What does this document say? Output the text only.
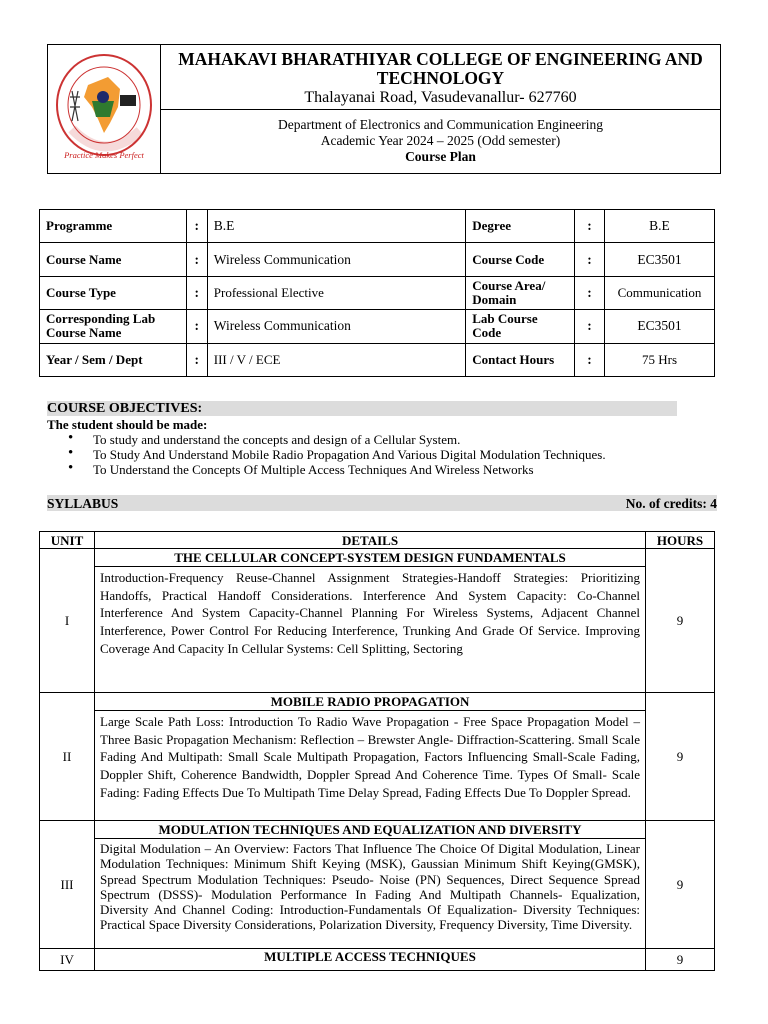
Practice Makes Perfect
MAHAKAVI BHARATHIYAR COLLEGE OF ENGINEERING AND TECHNOLOGY
Thalayanai Road, Vasudevanallur- 627760
Department of Electronics and Communication Engineering
Academic Year 2024 – 2025 (Odd semester)
Course Plan
Programme	:	B.E	Degree	:	B.E
Course Name	:	Wireless Communication	Course Code	:	EC3501
Course Type	:	Professional Elective	Course Area/ Domain	:	Communication
Corresponding Lab Course Name	:	Wireless Communication	Lab Course Code	:	EC3501
Year / Sem / Dept	:	III / V / ECE	Contact Hours	:	75 Hrs
COURSE OBJECTIVES:
The student should be made:
• To study and understand the concepts and design of a Cellular System.
• To Study And Understand Mobile Radio Propagation And Various Digital Modulation Techniques.
• To Understand the Concepts Of Multiple Access Techniques And Wireless Networks
SYLLABUS	No. of credits: 4
UNIT	DETAILS	HOURS
I	THE CELLULAR CONCEPT-SYSTEM DESIGN FUNDAMENTALS	9
	Introduction-Frequency Reuse-Channel Assignment Strategies-Handoff Strategies: Prioritizing Handoffs, Practical Handoff Considerations. Interference And System Capacity: Co-Channel Interference And System Capacity-Channel Planning For Wireless Systems, Adjacent Channel Interference, Power Control For Reducing Interference, Trunking And Grade Of Service. Improving Coverage And Capacity In Cellular Systems: Cell Splitting, Sectoring	
II	MOBILE RADIO PROPAGATION	9
	Large Scale Path Loss: Introduction To Radio Wave Propagation - Free Space Propagation Model – Three Basic Propagation Mechanism: Reflection – Brewster Angle- Diffraction-Scattering. Small Scale Fading And Multipath: Small Scale Multipath Propagation, Factors Influencing Small-Scale Fading, Doppler Shift, Coherence Bandwidth, Doppler Spread And Coherence Time. Types Of Small- Scale Fading: Fading Effects Due To Multipath Time Delay Spread, Fading Effects Due To Doppler Spread.	
III	MODULATION TECHNIQUES AND EQUALIZATION AND DIVERSITY	9
	Digital Modulation – An Overview: Factors That Influence The Choice Of Digital Modulation, Linear Modulation Techniques: Minimum Shift Keying (MSK), Gaussian Minimum Shift Keying(GMSK), Spread Spectrum Modulation Techniques: Pseudo- Noise (PN) Sequences, Direct Sequence Spread Spectrum (DSSS)- Modulation Performance In Fading And Multipath Channels- Equalization, Diversity And Channel Coding: Introduction-Fundamentals Of Equalization- Diversity Techniques: Practical Space Diversity Considerations, Polarization Diversity, Frequency Diversity, Time Diversity.	
IV	MULTIPLE ACCESS TECHNIQUES	9
